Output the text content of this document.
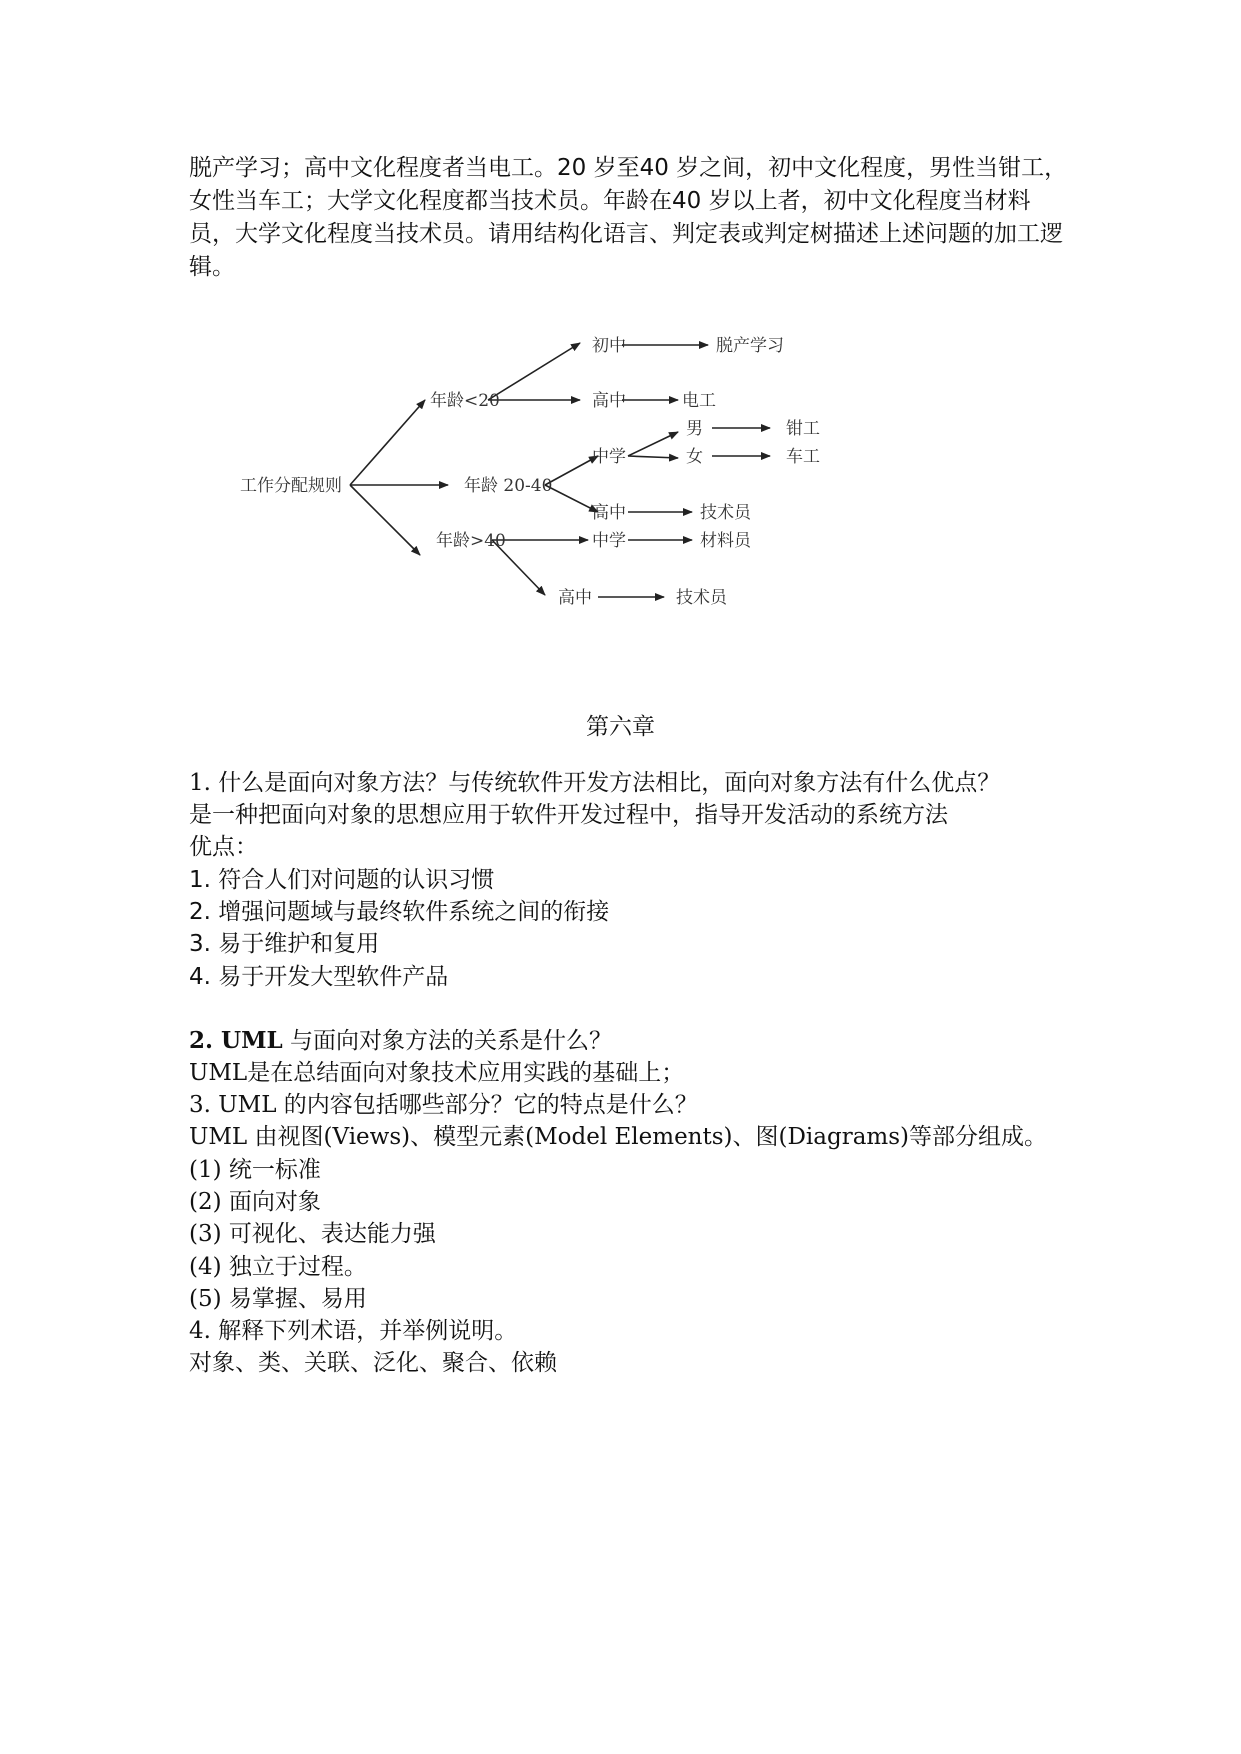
脱产学习；高中文化程度者当电工。20 岁至40 岁之间，初中文化程度，男性当钳工，女性当车工；大学文化程度都当技术员。年龄在40 岁以上者，初中文化程度当材料员，大学文化程度当技术员。请用结构化语言、判定表或判定树描述上述问题的加工逻辑。

工作分配规则
年龄<20
年龄 20-40
年龄>40
初中	脱产学习
高中	电工
中学
男	钳工
女	车工
高中	技术员
中学	材料员
高中	技术员
第六章
1. 什么是面向对象方法？与传统软件开发方法相比，面向对象方法有什么优点？
是一种把面向对象的思想应用于软件开发过程中，指导开发活动的系统方法
优点：
1. 符合人们对问题的认识习惯
2. 增强问题域与最终软件系统之间的衔接
3. 易于维护和复用
4. 易于开发大型软件产品
2. UML 与面向对象方法的关系是什么？
UML是在总结面向对象技术应用实践的基础上；
3. UML 的内容包括哪些部分？它的特点是什么？
UML 由视图(Views)、模型元素(Model Elements)、图(Diagrams)等部分组成。
(1) 统一标准
(2) 面向对象
(3) 可视化、表达能力强
(4) 独立于过程。
(5) 易掌握、易用
4. 解释下列术语，并举例说明。
对象、类、关联、泛化、聚合、依赖
